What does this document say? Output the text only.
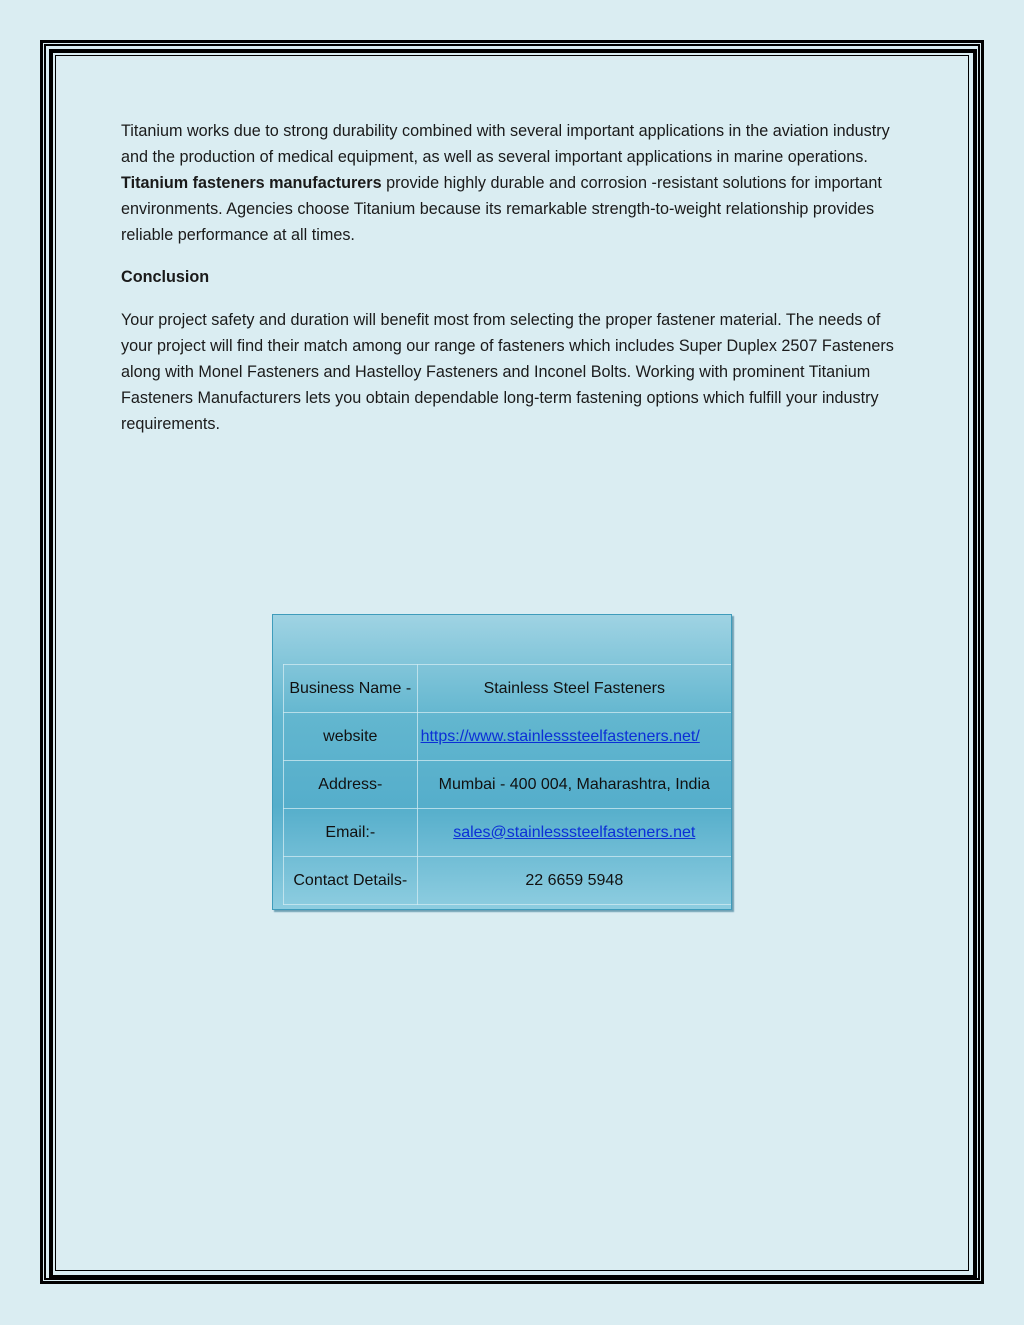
Titanium works due to strong durability combined with several important applications in the aviation industry and the production of medical equipment, as well as several important applications in marine operations. Titanium fasteners manufacturers provide highly durable and corrosion -resistant solutions for important environments. Agencies choose Titanium because its remarkable strength-to-weight relationship provides reliable performance at all times.

Conclusion

Your project safety and duration will benefit most from selecting the proper fastener material. The needs of your project will find their match among our range of fasteners which includes Super Duplex 2507 Fasteners along with Monel Fasteners and Hastelloy Fasteners and Inconel Bolts. Working with prominent Titanium Fasteners Manufacturers lets you obtain dependable long-term fastening options which fulfill your industry requirements.

Business Name -	Stainless Steel Fasteners
website	https://www.stainlesssteelfasteners.net/
Address-	Mumbai - 400 004, Maharashtra, India
Email:-	sales@stainlesssteelfasteners.net
Contact Details-	22 6659 5948
